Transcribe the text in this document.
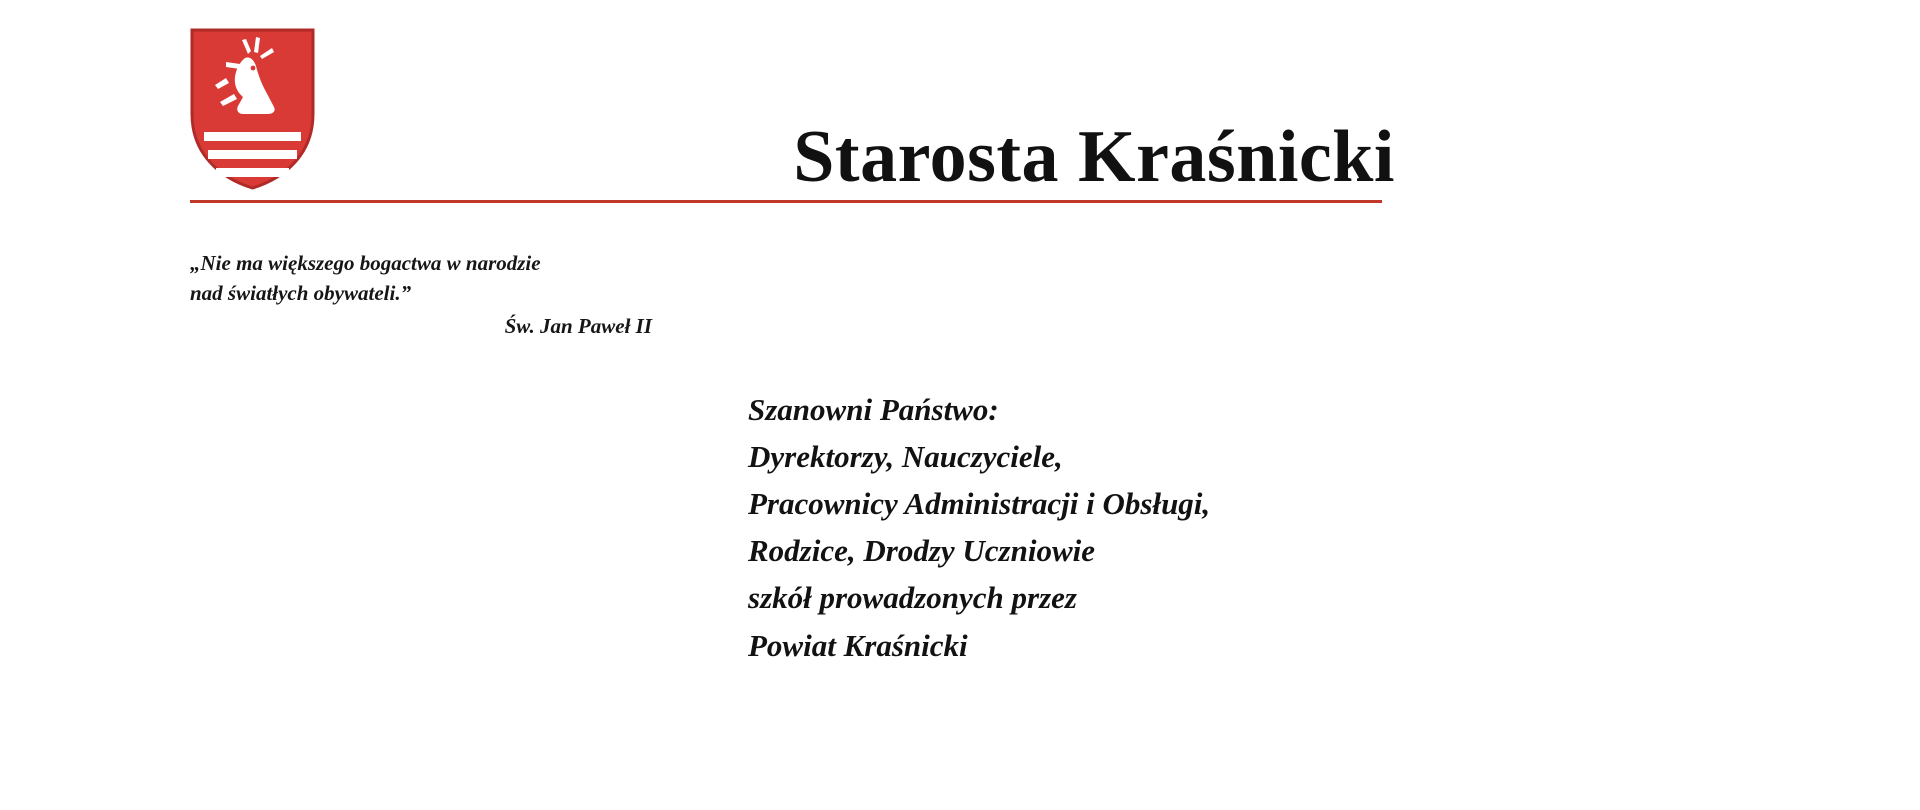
Starosta Kraśnicki
„Nie ma większego bogactwa w narodzie
nad światłych obywateli.”
Św. Jan Paweł II
Szanowni Państwo:
Dyrektorzy, Nauczyciele,
Pracownicy Administracji i Obsługi,
Rodzice, Drodzy Uczniowie
szkół prowadzonych przez
Powiat Kraśnicki
